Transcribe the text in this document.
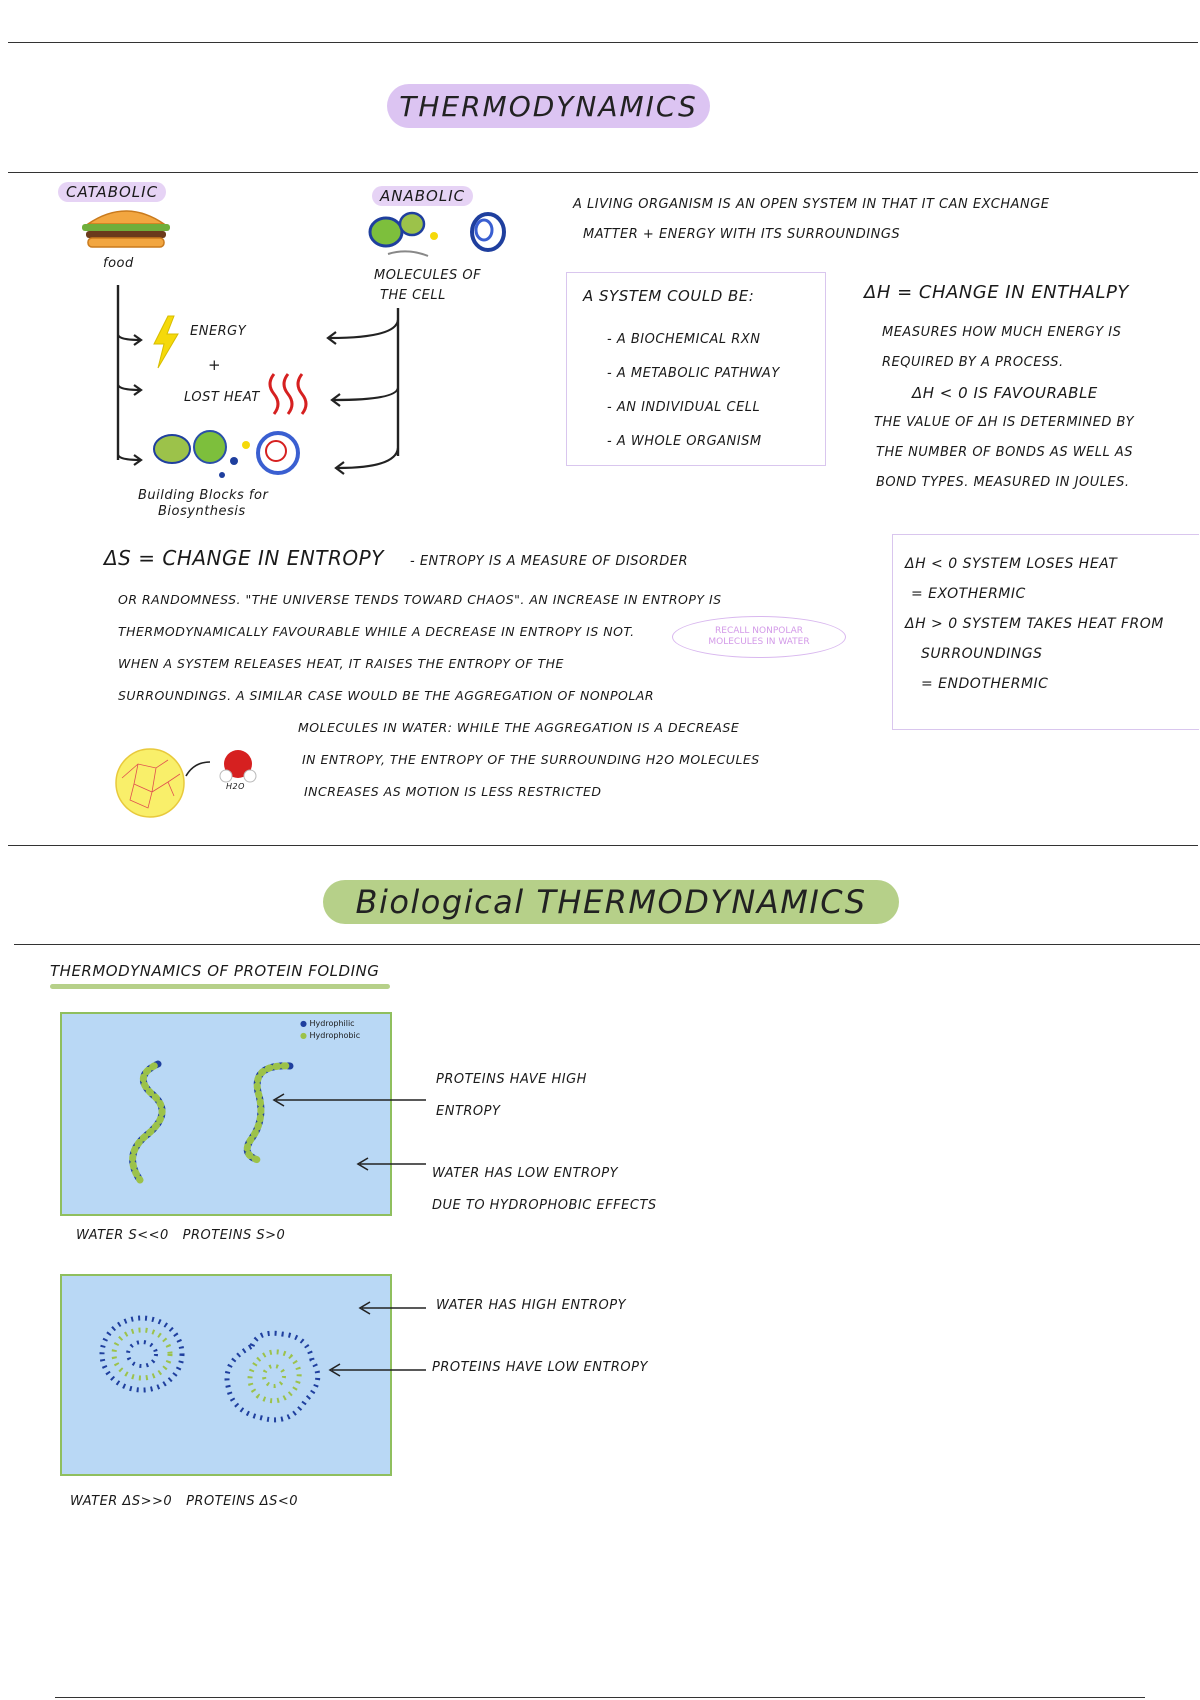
THERMODYNAMICS
CATABOLIC	ANABOLIC
food
MOLECULES OF
THE CELL
ENERGY
+
LOST HEAT
Building Blocks for
Biosynthesis
A LIVING ORGANISM IS AN OPEN SYSTEM IN THAT IT CAN EXCHANGE
MATTER + ENERGY WITH ITS SURROUNDINGS
A SYSTEM COULD BE:
- A BIOCHEMICAL RXN
- A METABOLIC PATHWAY
- AN INDIVIDUAL CELL
- A WHOLE ORGANISM
ΔH = CHANGE IN ENTHALPY
MEASURES HOW MUCH ENERGY IS
REQUIRED BY A PROCESS.
ΔH < 0 IS FAVOURABLE
THE VALUE OF ΔH IS DETERMINED BY
THE NUMBER OF BONDS AS WELL AS
BOND TYPES. MEASURED IN JOULES.
ΔH < 0 SYSTEM LOSES HEAT
= EXOTHERMIC
ΔH > 0 SYSTEM TAKES HEAT FROM
SURROUNDINGS
= ENDOTHERMIC
ΔS = CHANGE IN ENTROPY - ENTROPY IS A MEASURE OF DISORDER
OR RANDOMNESS. "THE UNIVERSE TENDS TOWARD CHAOS". AN INCREASE IN ENTROPY IS
THERMODYNAMICALLY FAVOURABLE WHILE A DECREASE IN ENTROPY IS NOT.
WHEN A SYSTEM RELEASES HEAT, IT RAISES THE ENTROPY OF THE
SURROUNDINGS. A SIMILAR CASE WOULD BE THE AGGREGATION OF NONPOLAR
MOLECULES IN WATER: WHILE THE AGGREGATION IS A DECREASE
IN ENTROPY, THE ENTROPY OF THE SURROUNDING H2O MOLECULES
INCREASES AS MOTION IS LESS RESTRICTED
RECALL NONPOLAR
MOLECULES IN WATER
H2O
Biological THERMODYNAMICS
THERMODYNAMICS OF PROTEIN FOLDING
● Hydrophilic
● Hydrophobic
PROTEINS HAVE HIGH
ENTROPY
WATER HAS LOW ENTROPY
DUE TO HYDROPHOBIC EFFECTS
WATER S<<0   PROTEINS S>0
WATER HAS HIGH ENTROPY
PROTEINS HAVE LOW ENTROPY
WATER ΔS>>0   PROTEINS ΔS<0
